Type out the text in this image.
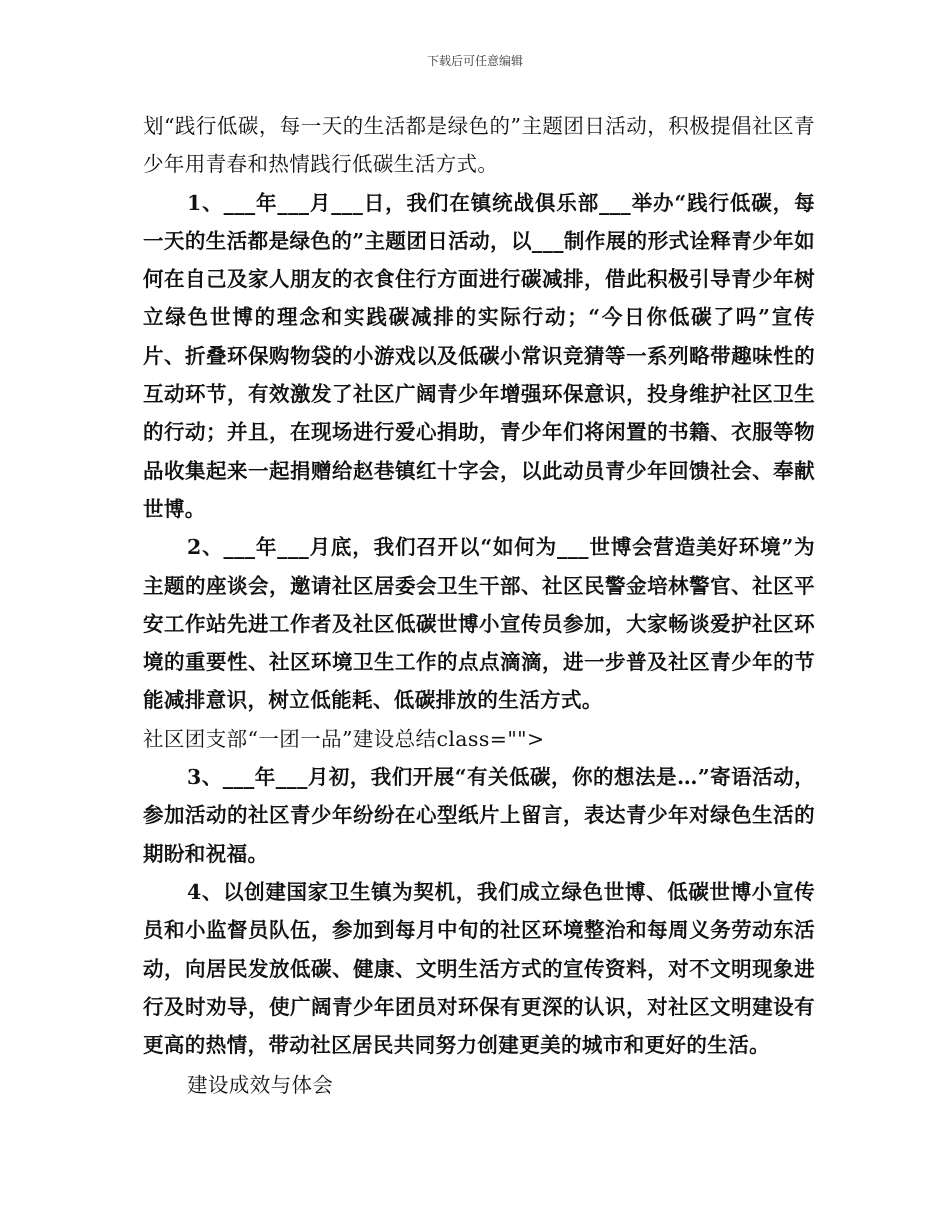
下载后可任意编辑

划“践行低碳，每一天的生活都是绿色的”主题团日活动，积极提倡社区青少年用青春和热情践行低碳生活方式。

1、___年___月___日，我们在镇统战俱乐部___举办“践行低碳，每一天的生活都是绿色的”主题团日活动，以___制作展的形式诠释青少年如何在自己及家人朋友的衣食住行方面进行碳减排，借此积极引导青少年树立绿色世博的理念和实践碳减排的实际行动；“今日你低碳了吗”宣传片、折叠环保购物袋的小游戏以及低碳小常识竞猜等一系列略带趣味性的互动环节，有效激发了社区广阔青少年增强环保意识，投身维护社区卫生的行动；并且，在现场进行爱心捐助，青少年们将闲置的书籍、衣服等物品收集起来一起捐赠给赵巷镇红十字会，以此动员青少年回馈社会、奉献世博。

2、___年___月底，我们召开以“如何为___世博会营造美好环境”为主题的座谈会，邀请社区居委会卫生干部、社区民警金培林警官、社区平安工作站先进工作者及社区低碳世博小宣传员参加，大家畅谈爱护社区环境的重要性、社区环境卫生工作的点点滴滴，进一步普及社区青少年的节能减排意识，树立低能耗、低碳排放的生活方式。

社区团支部“一团一品”建设总结class="">

3、___年___月初，我们开展“有关低碳，你的想法是…”寄语活动，参加活动的社区青少年纷纷在心型纸片上留言，表达青少年对绿色生活的期盼和祝福。

4、以创建国家卫生镇为契机，我们成立绿色世博、低碳世博小宣传员和小监督员队伍，参加到每月中旬的社区环境整治和每周义务劳动东活动，向居民发放低碳、健康、文明生活方式的宣传资料，对不文明现象进行及时劝导，使广阔青少年团员对环保有更深的认识，对社区文明建设有更高的热情，带动社区居民共同努力创建更美的城市和更好的生活。

建设成效与体会
